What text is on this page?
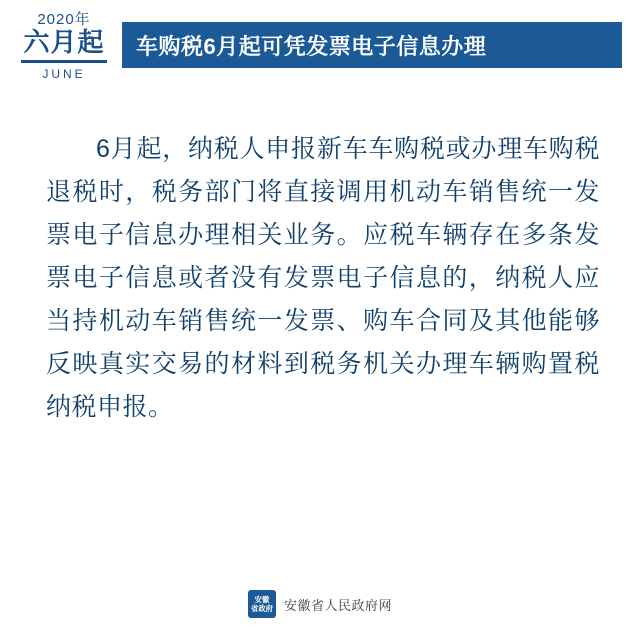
2020年
六月起
JUNE
车购税6月起可凭发票电子信息办理

6月起，纳税人申报新车车购税或办理车购税退税时，税务部门将直接调用机动车销售统一发票电子信息办理相关业务。应税车辆存在多条发票电子信息或者没有发票电子信息的，纳税人应当持机动车销售统一发票、购车合同及其他能够反映真实交易的材料到税务机关办理车辆购置税纳税申报。

安徽
省政府 安徽省人民政府网
